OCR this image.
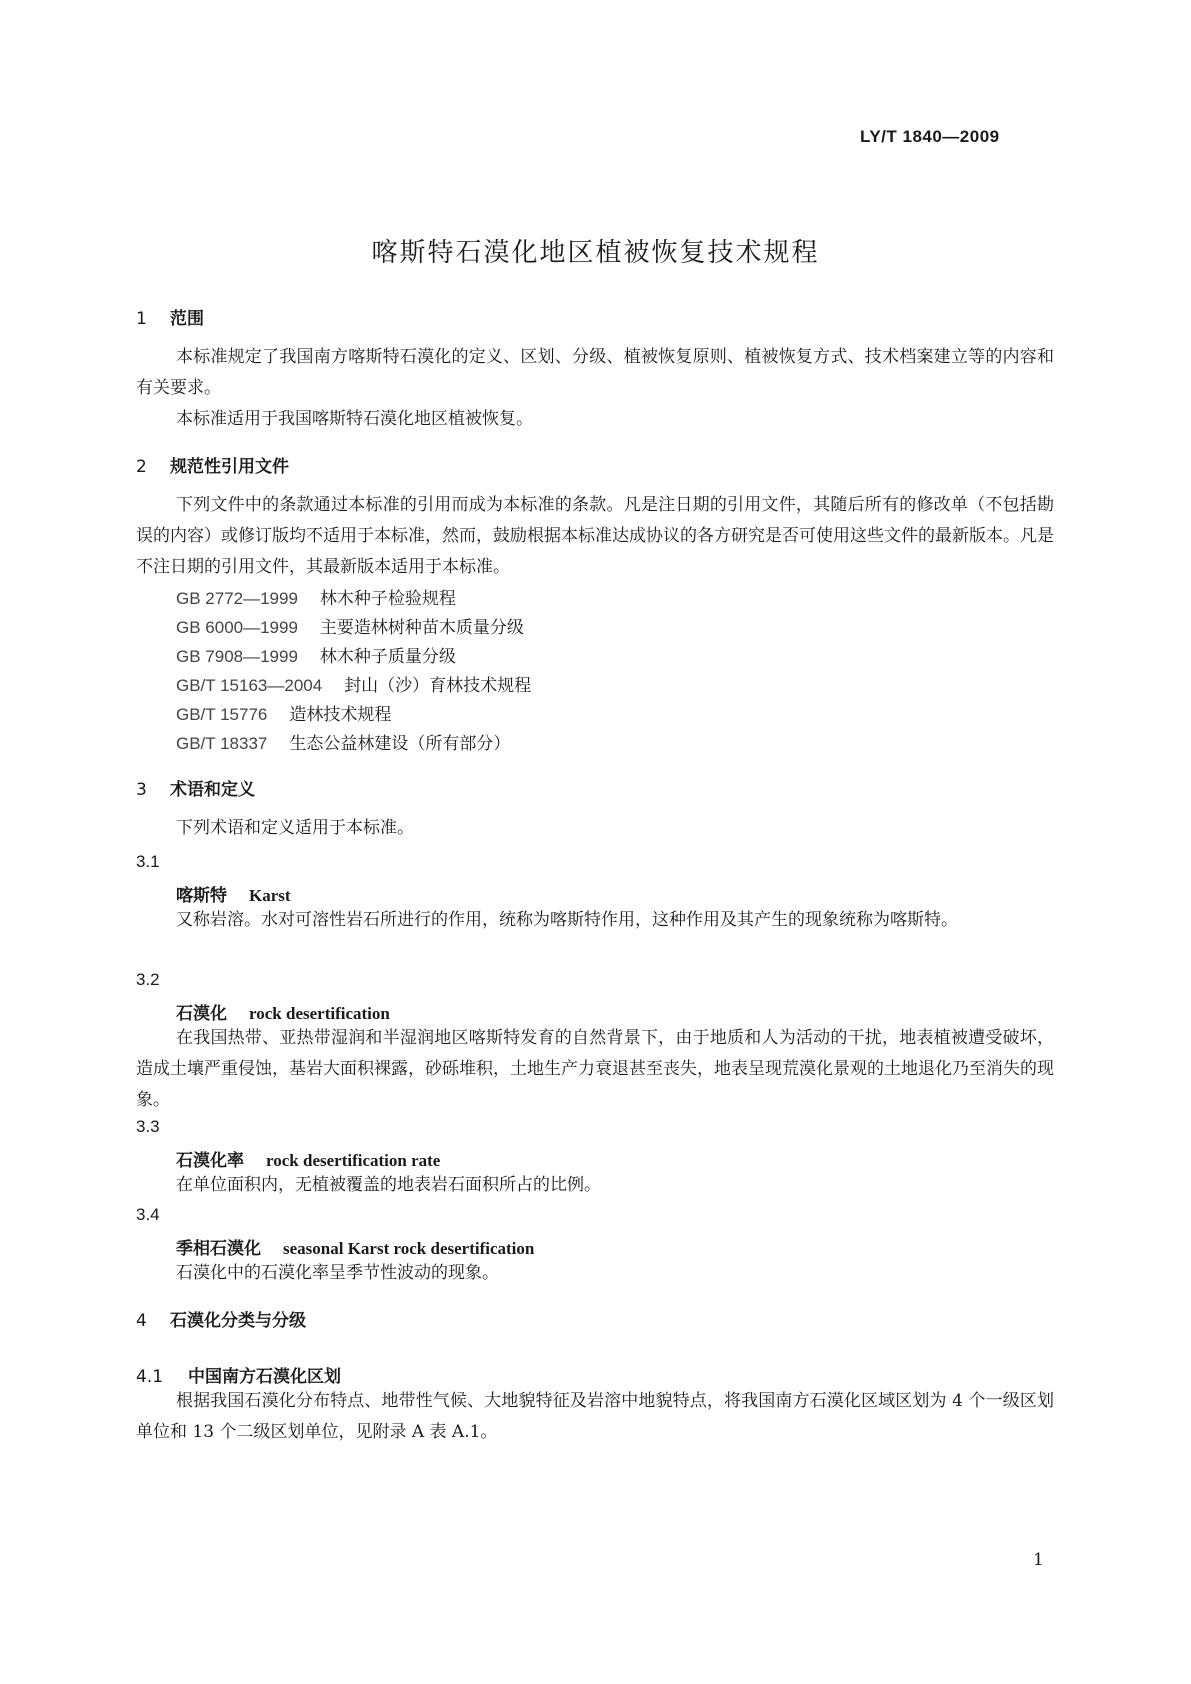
LY/T 1840—2009
喀斯特石漠化地区植被恢复技术规程
1 范围
本标准规定了我国南方喀斯特石漠化的定义、区划、分级、植被恢复原则、植被恢复方式、技术档案建立等的内容和有关要求。
本标准适用于我国喀斯特石漠化地区植被恢复。
2 规范性引用文件
下列文件中的条款通过本标准的引用而成为本标准的条款。凡是注日期的引用文件，其随后所有的修改单（不包括勘误的内容）或修订版均不适用于本标准，然而，鼓励根据本标准达成协议的各方研究是否可使用这些文件的最新版本。凡是不注日期的引用文件，其最新版本适用于本标准。
GB 2772—1999 林木种子检验规程
GB 6000—1999 主要造林树种苗木质量分级
GB 7908—1999 林木种子质量分级
GB/T 15163—2004 封山（沙）育林技术规程
GB/T 15776 造林技术规程
GB/T 18337 生态公益林建设（所有部分）
3 术语和定义
下列术语和定义适用于本标准。
3.1
喀斯特 Karst
又称岩溶。水对可溶性岩石所进行的作用，统称为喀斯特作用，这种作用及其产生的现象统称为喀斯特。
3.2
石漠化 rock desertification
在我国热带、亚热带湿润和半湿润地区喀斯特发育的自然背景下，由于地质和人为活动的干扰，地表植被遭受破坏，造成土壤严重侵蚀，基岩大面积裸露，砂砾堆积，土地生产力衰退甚至丧失，地表呈现荒漠化景观的土地退化乃至消失的现象。
3.3
石漠化率 rock desertification rate
在单位面积内，无植被覆盖的地表岩石面积所占的比例。
3.4
季相石漠化 seasonal Karst rock desertification
石漠化中的石漠化率呈季节性波动的现象。
4 石漠化分类与分级
4.1 中国南方石漠化区划
根据我国石漠化分布特点、地带性气候、大地貌特征及岩溶中地貌特点，将我国南方石漠化区域区划为 4 个一级区划单位和 13 个二级区划单位，见附录 A 表 A.1。
1
